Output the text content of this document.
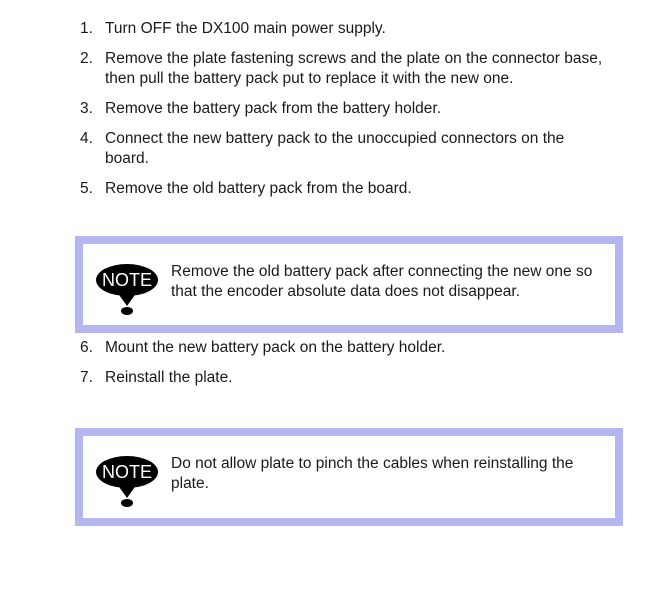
1. Turn OFF the DX100 main power supply.
2. Remove the plate fastening screws and the plate on the connector base, then pull the battery pack put to replace it with the new one.
3. Remove the battery pack from the battery holder.
4. Connect the new battery pack to the unoccupied connectors on the board.
5. Remove the old battery pack from the board.
NOTE Remove the old battery pack after connecting the new one so that the encoder absolute data does not disappear.
6. Mount the new battery pack on the battery holder.
7. Reinstall the plate.
NOTE Do not allow plate to pinch the cables when reinstalling the plate.
